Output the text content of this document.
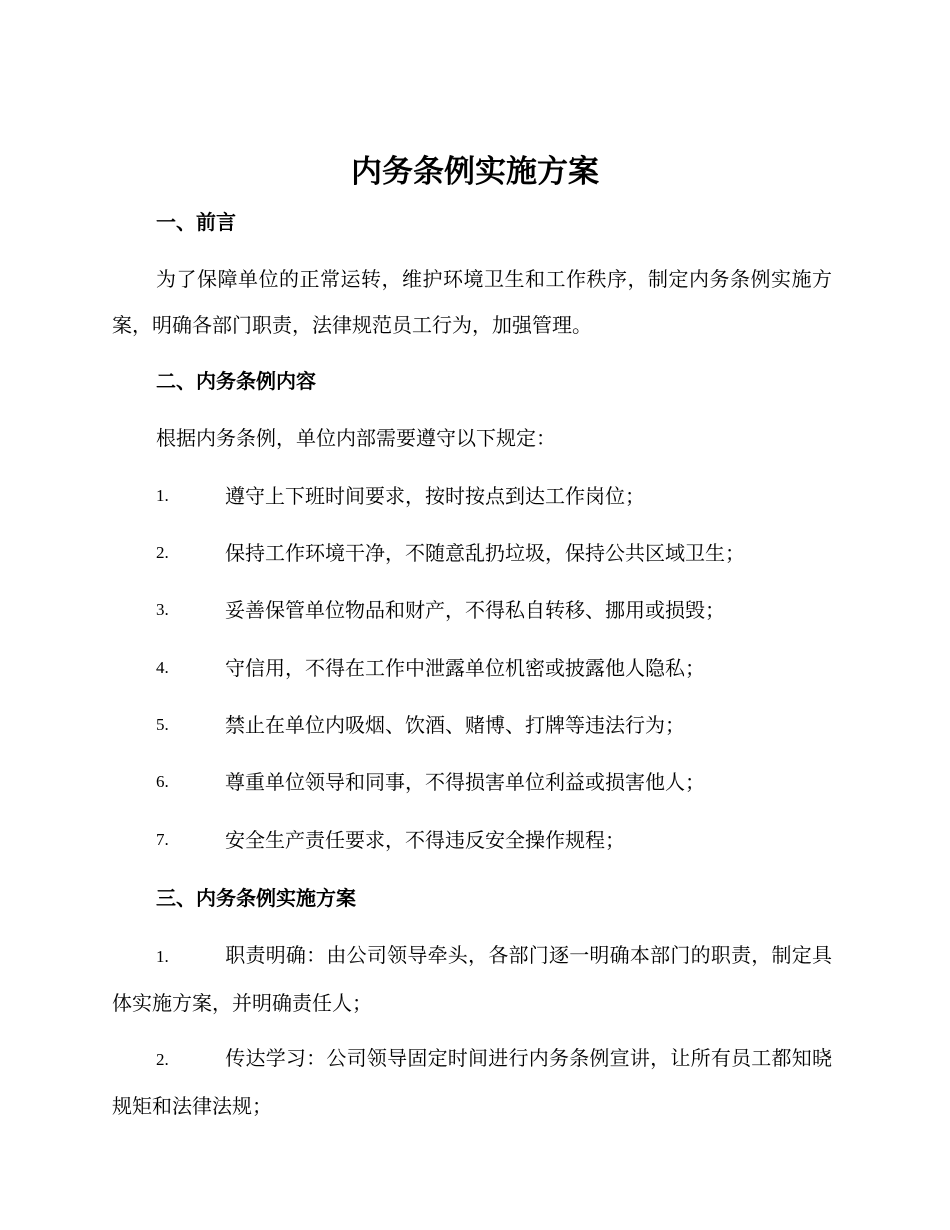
内务条例实施方案
一、前言

为了保障单位的正常运转，维护环境卫生和工作秩序，制定内务条例实施方案，明确各部门职责，法律规范员工行为，加强管理。

二、内务条例内容

根据内务条例，单位内部需要遵守以下规定：

1.	遵守上下班时间要求，按时按点到达工作岗位；
2.	保持工作环境干净，不随意乱扔垃圾，保持公共区域卫生；
3.	妥善保管单位物品和财产，不得私自转移、挪用或损毁；
4.	守信用，不得在工作中泄露单位机密或披露他人隐私；
5.	禁止在单位内吸烟、饮酒、赌博、打牌等违法行为；
6.	尊重单位领导和同事，不得损害单位利益或损害他人；
7.	安全生产责任要求，不得违反安全操作规程；
三、内务条例实施方案

1.	职责明确：由公司领导牵头，各部门逐一明确本部门的职责，制定具体实施方案，并明确责任人；

2.	传达学习：公司领导固定时间进行内务条例宣讲，让所有员工都知晓规矩和法律法规；
